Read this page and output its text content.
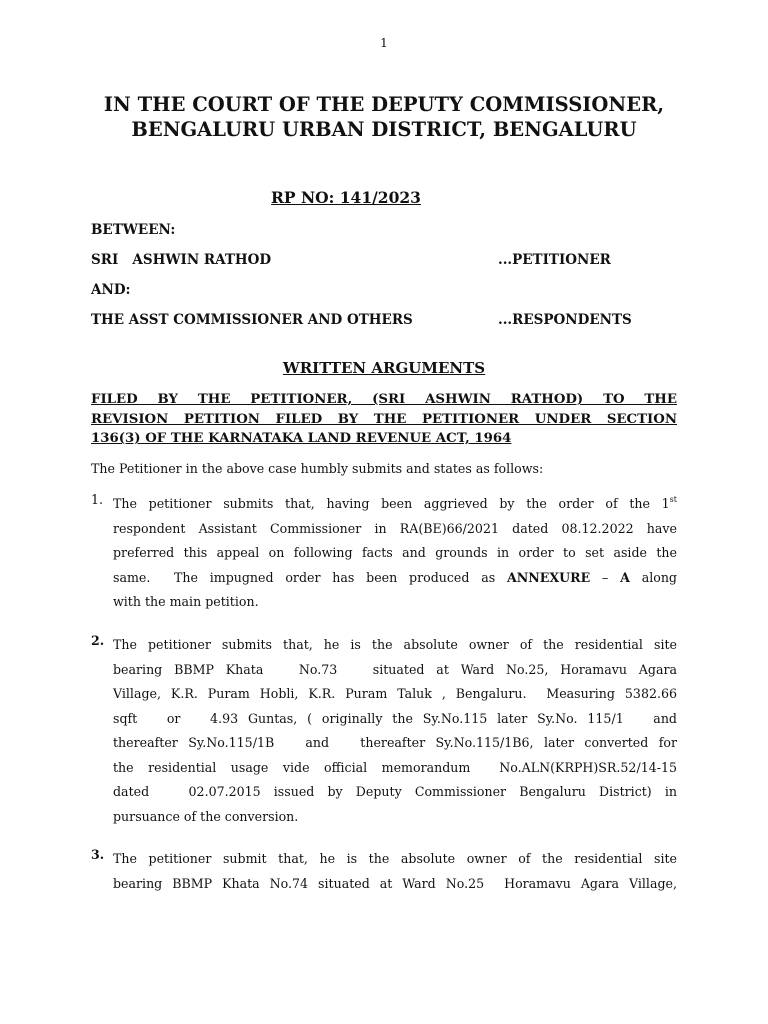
1
IN THE COURT OF THE DEPUTY COMMISSIONER,
BENGALURU URBAN DISTRICT, BENGALURU
RP NO: 141/2023
BETWEEN:
SRI   ASHWIN RATHOD	...PETITIONER
AND:
THE ASST COMMISSIONER AND OTHERS	...RESPONDENTS
WRITTEN ARGUMENTS
FILED BY THE PETITIONER, (SRI ASHWIN RATHOD) TO THE
REVISION PETITION FILED BY THE PETITIONER UNDER SECTION
136(3) OF THE KARNATAKA LAND REVENUE ACT, 1964
The Petitioner in the above case humbly submits and states as follows:
1. The petitioner submits that, having been aggrieved by the order of the 1st
respondent Assistant Commissioner in RA(BE)66/2021 dated 08.12.2022 have
preferred this appeal on following facts and grounds in order to set aside the
same.  The impugned order has been produced as ANNEXURE – A along
with the main petition.
2. The petitioner submits that, he is the absolute owner of the residential site
bearing BBMP Khata   No.73   situated at Ward No.25, Horamavu Agara
Village, K.R. Puram Hobli, K.R. Puram Taluk , Bengaluru.  Measuring 5382.66
sqft   or   4.93 Guntas, ( originally the Sy.No.115 later Sy.No. 115/1   and
thereafter Sy.No.115/1B   and   thereafter Sy.No.115/1B6, later converted for
the residential usage vide official memorandum  No.ALN(KRPH)SR.52/14-15
dated   02.07.2015 issued by Deputy Commissioner Bengaluru District) in
pursuance of the conversion.
3. The petitioner submit that, he is the absolute owner of the residential site
bearing BBMP Khata No.74 situated at Ward No.25  Horamavu Agara Village,
